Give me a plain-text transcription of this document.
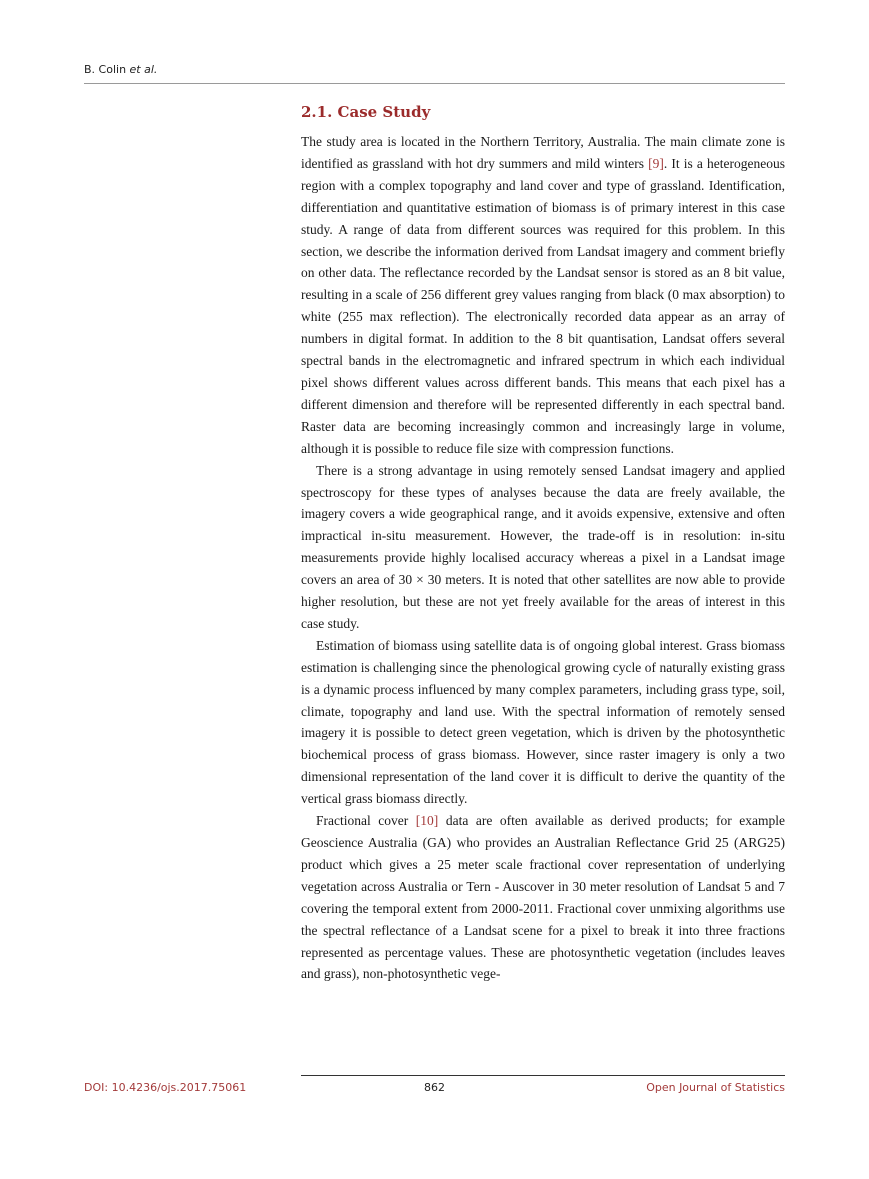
B. Colin et al.
2.1. Case Study

The study area is located in the Northern Territory, Australia. The main climate zone is identified as grassland with hot dry summers and mild winters [9]. It is a heterogeneous region with a complex topography and land cover and type of grassland. Identification, differentiation and quantitative estimation of biomass is of primary interest in this case study. A range of data from different sources was required for this problem. In this section, we describe the information derived from Landsat imagery and comment briefly on other data. The reflectance recorded by the Landsat sensor is stored as an 8 bit value, resulting in a scale of 256 different grey values ranging from black (0 max absorption) to white (255 max reflection). The electronically recorded data appear as an array of numbers in digital format. In addition to the 8 bit quantisation, Landsat offers several spectral bands in the electromagnetic and infrared spectrum in which each individual pixel shows different values across different bands. This means that each pixel has a different dimension and therefore will be represented differently in each spectral band. Raster data are becoming increasingly common and increasingly large in volume, although it is possible to reduce file size with compression functions.

There is a strong advantage in using remotely sensed Landsat imagery and applied spectroscopy for these types of analyses because the data are freely available, the imagery covers a wide geographical range, and it avoids expensive, extensive and often impractical in-situ measurement. However, the trade-off is in resolution: in-situ measurements provide highly localised accuracy whereas a pixel in a Landsat image covers an area of 30 × 30 meters. It is noted that other satellites are now able to provide higher resolution, but these are not yet freely available for the areas of interest in this case study.

Estimation of biomass using satellite data is of ongoing global interest. Grass biomass estimation is challenging since the phenological growing cycle of naturally existing grass is a dynamic process influenced by many complex parameters, including grass type, soil, climate, topography and land use. With the spectral information of remotely sensed imagery it is possible to detect green vegetation, which is driven by the photosynthetic biochemical process of grass biomass. However, since raster imagery is only a two dimensional representation of the land cover it is difficult to derive the quantity of the vertical grass biomass directly.

Fractional cover [10] data are often available as derived products; for example Geoscience Australia (GA) who provides an Australian Reflectance Grid 25 (ARG25) product which gives a 25 meter scale fractional cover representation of underlying vegetation across Australia or Tern - Auscover in 30 meter resolution of Landsat 5 and 7 covering the temporal extent from 2000-2011. Fractional cover unmixing algorithms use the spectral reflectance of a Landsat scene for a pixel to break it into three fractions represented as percentage values. These are photosynthetic vegetation (includes leaves and grass), non-photosynthetic vege-

DOI: 10.4236/ojs.2017.75061	862	Open Journal of Statistics
